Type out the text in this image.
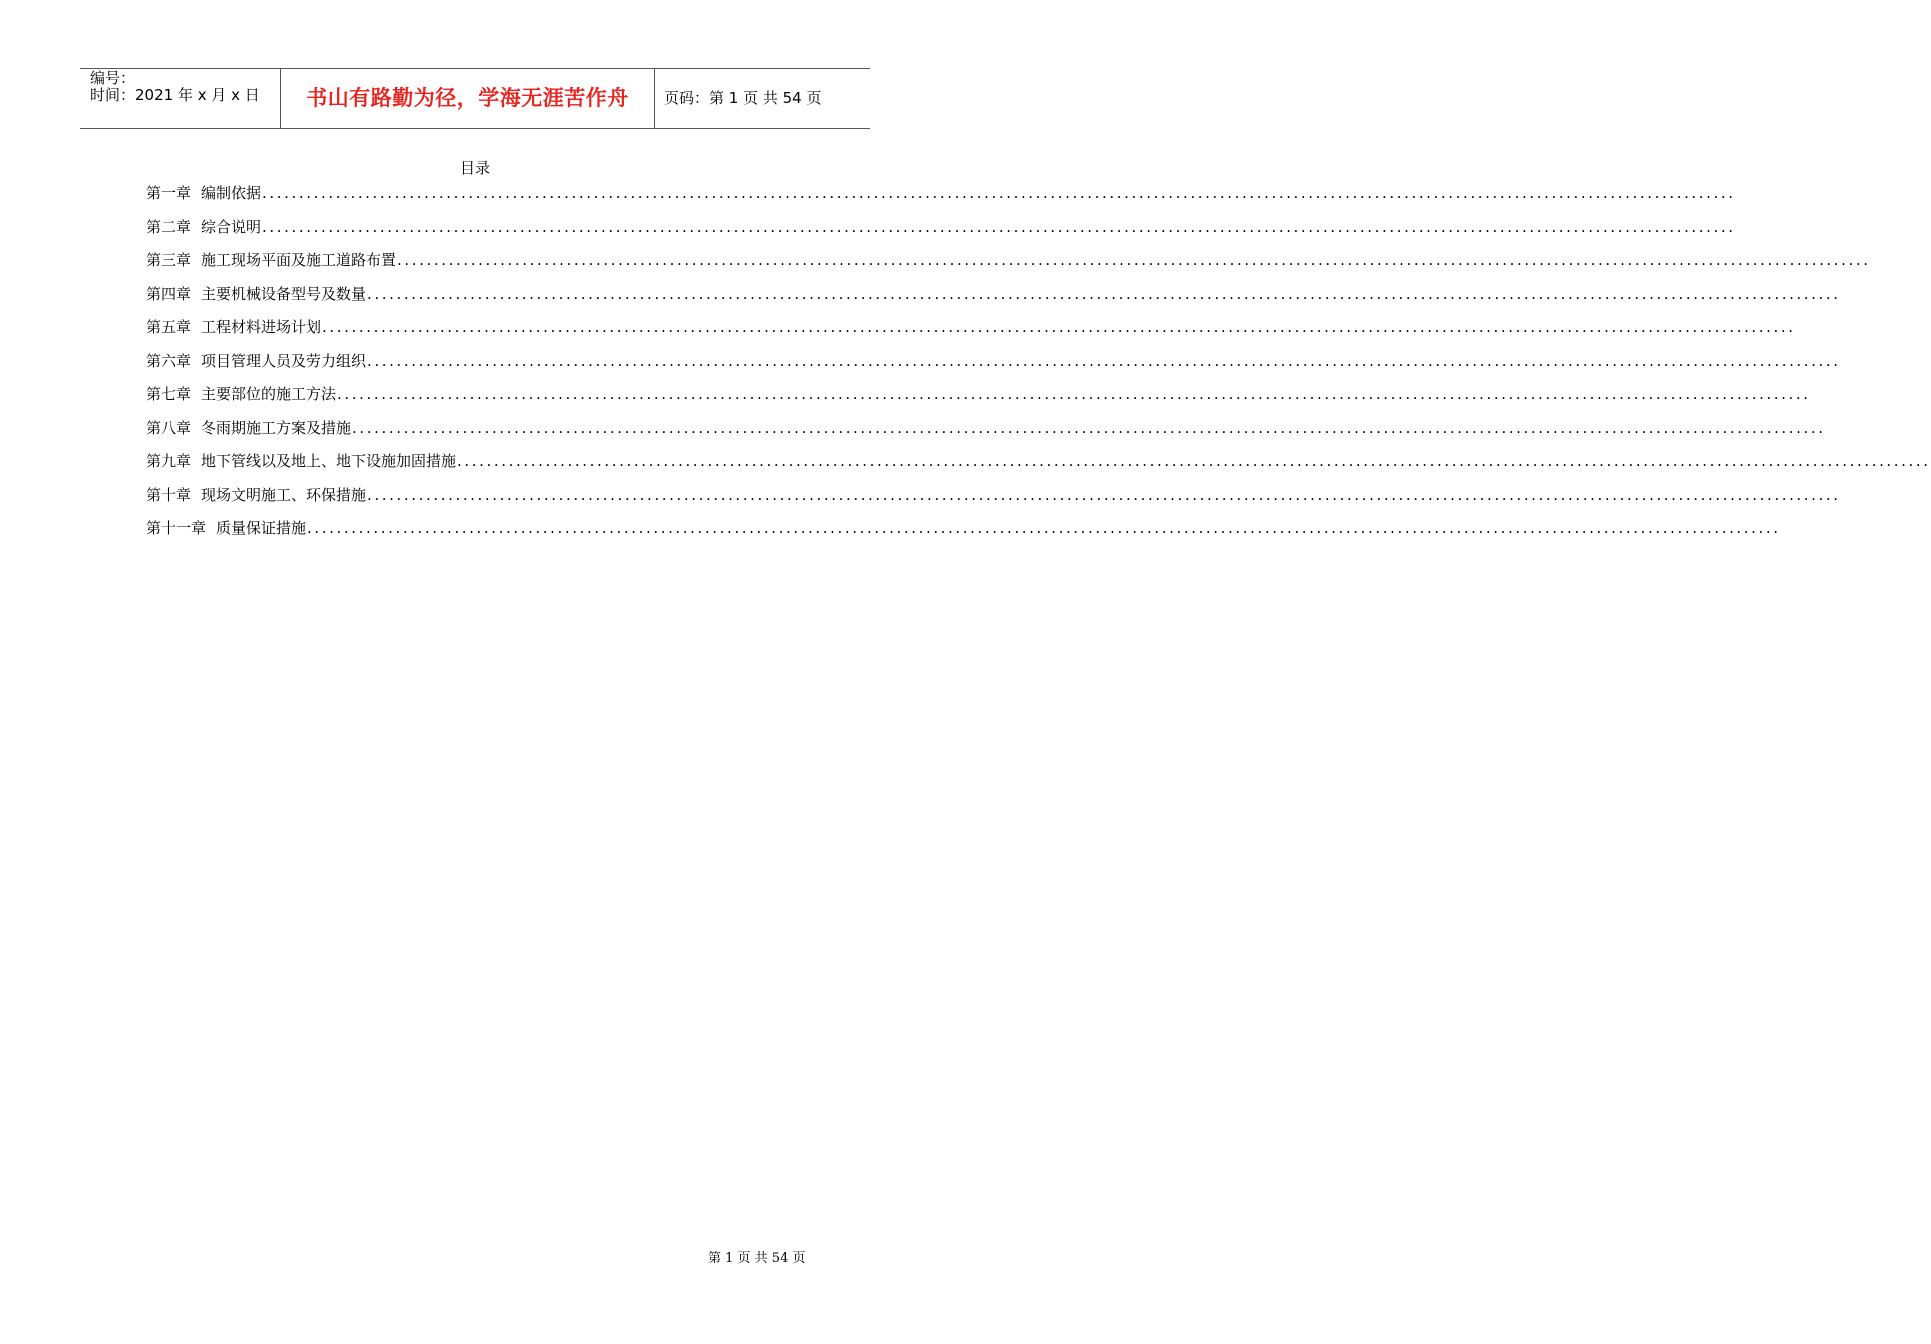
编号：
时间：2021 年 x 月 x 日	书山有路勤为径，学海无涯苦作舟	页码：第 1 页 共 54 页
目录
第一章 编制依据 ........................................................................................................................................................................................................
第二章 综合说明 ........................................................................................................................................................................................................
第三章 施工现场平面及施工道路布置 ........................................................................................................................................................................................................
第四章 主要机械设备型号及数量 ........................................................................................................................................................................................................
第五章 工程材料进场计划 ........................................................................................................................................................................................................
第六章 项目管理人员及劳力组织 ........................................................................................................................................................................................................
第七章 主要部位的施工方法 ........................................................................................................................................................................................................
第八章 冬雨期施工方案及措施 ........................................................................................................................................................................................................
第九章 地下管线以及地上、地下设施加固措施 ........................................................................................................................................................................................................
第十章 现场文明施工、环保措施 ........................................................................................................................................................................................................
第十一章 质量保证措施 ........................................................................................................................................................................................................
第 1 页 共 54 页
